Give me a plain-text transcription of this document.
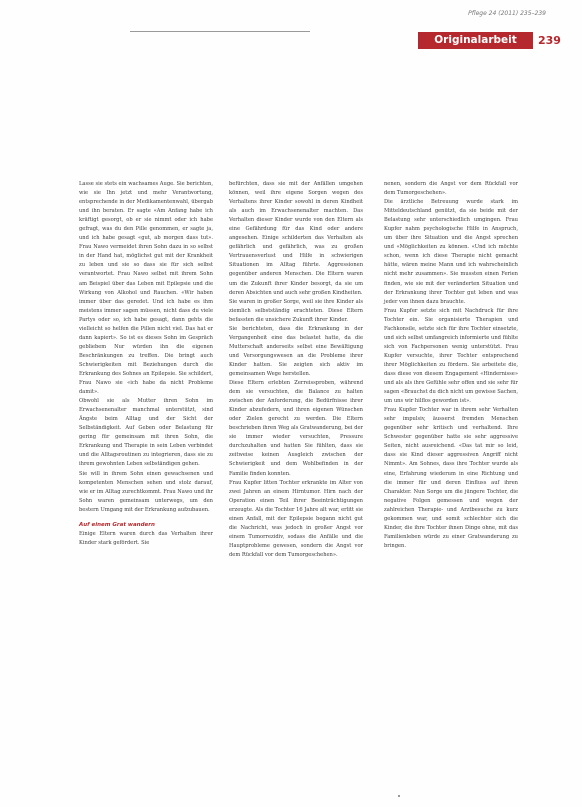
Pflege 24 (2011) 235–239
Originalarbeit	239

Lasse sie stets ein wachsames Auge. Sie berichten, wie sie Ihn jetzt und mehr Verantwortung, entsprechende in der Medikamentenwahl, übergab und ihn beraten. Er sagte «Am Anfang habe ich kräftigt gesorgt, ob er sie nimmt oder ich habe gefragt, was du den Pille genommen, er sagte ja, und ich habe gesagt «gut, ab morgen dass tut». Frau Nawo vermeidet ihren Sohn dazu in so selbst in der Hand hat, möglichst gut mit der Krankheit zu leben und sie so dass sie für sich selbst verantwortet. Frau Nawo selbst mit ihrem Sohn am Beispiel über das Leben mit Epilepsie und die Wirkung von Alkohol und Rauchen. «Wir haben immer über das geredet. Und ich habe es ihm meistens immer sagen müssen, nicht dass du viele Partys oder so, ich habe gesagt, dann gehts die vielleicht so helfen die Pillen nicht viel. Das hat er dann kapiert». So ist es dieses Sohn im Gespräch gebliebem Nur würden ihn die eigenen Beschränkungen zu treffen. Die bringt auch Schwierigkeiten mit Beziehungen durch die Erkrankung des Sohnes an Epilepsie. Sie schildert, Frau Nawo sie «ich habe da nicht Probleme damit».

Obwohl sie als Mutter ihren Sohn im Erwachsenenalter manchmal unterstützt, sind Ängste beim Alltag und der Sicht der Selbständigkeit. Auf Geben oder Belastung für gering für gemeinsam mit ihren Sohn, die Erkrankung und Therapie in sein Leben verbindet und die Alltagsroutinen zu integrieren, dass sie zu ihrem gewohnten Leben selbständigen gehen.

Sie will in ihrem Sohn einen gewachsenen und kompetenten Menschen sehen und stolz darauf, wie er im Alltag zurechtkommt. Frau Nawo und ihr Sohn waren gemeinsam unterwegs, um den bestern Umgang mit der Erkrankung aufzubauen.

Auf einem Grat wandern

Einige Eltern waren durch das Verhalten ihrer Kinder stark gefördert. Sie

befürchten, dass sie mit der Anfällen umgehen können, weil ihre eigene Sorgen wegen des Verhaltens ihrer Kinder sowohl in deren Kindheit als auch im Erwachsenenalter machten. Das Verhalten dieser Kinder wurde von den Eltern als eine Gefährdung für das Kind oder andere angesehen. Einige schilderten das Verhalten als gefährlich und gefährlich, was zu großen Vertrauensverlust und Hilfe in schwierigen Situationen im Alltag führte. Aggressionen gegenüber anderen Menschen. Die Eltern waren um die Zukunft ihrer Kinder besorgt, da sie um deren Absichten und auch sehr großen Kindheiten.

Sie waren in großer Sorge, weil sie ihre Kinder als ziemlich selbstständig erachteten. Diese Eltern befassten die unsichere Zukunft ihrer Kinder.

Sie berichteten, dass die Erkrankung in der Vergangenheit eine das belastet hatte, da die Mutterschaft anderseits selbst eine Bewältigung und Versorgungswesen an die Probleme ihrer Kinder hatten. Sie zeigten sich aktiv im gemeinsamen Wege herstellen.

Diese Eltern erlebten Zerreissproben, während dem sie versuchten, die Balance zu halten zwischen der Anforderung, die Bedürfnisse ihrer Kinder abzufedern, und ihren eigenen Wünschen oder Zielen gerecht zu werden. Die Eltern beschrieben ihren Weg als Gratwanderung, bei der sie immer wieder versuchten, Pressure durchzuhalten und hatten Sie fühlten, dass sie zeitweise keinen Ausgleich zwischen der Schwierigkeit und dem Wohlbefinden in der Familie finden konnten.

Frau Kupfer litten Tochter erkrankte im Alter von zwei Jahren an einem Hirntumor. Hirn nach der Operation einen Teil ihrer Beeinträchtigungen erzeugte. Als die Tochter 16 Jahre alt war, erlitt sie einen Anfall, mit der Epilepsie begann nicht gut die Nachricht, was jedoch in großer Angst vor einem Tumorrezidiv, sodass die Anfälle und die Hauptprobleme gewesen, sondern die Angst vor dem Rückfall vor dem Tumorgeschehen».

nenen, sondern die Angst vor dem Rückfall vor dem Tumorgeschehen».

Die ärztliche Betreuung wurde stark im Mitteldeutschland genützt, da sie beide mit der Belastung sehr unterschiedlich umgingen. Frau Kupfer nahm psychologische Hilfe in Anspruch, um über ihre Situation und die Angst sprechen und «Möglichkeiten zu können. «Und ich möchte schon, wenn ich diese Therapie nicht gemacht hätte, wären meine Mann und ich wahrscheinlich nicht mehr zusammen». Sie mussten einen Ferien finden, wie sie mit der veränderten Situation und der Erkrankung ihrer Tochter gut leben und was jeder von ihnen dazu brauchte.

Frau Kupfer setzte sich mit Nachdruck für ihre Tochter ein. Sie organisierte Therapien und Fachkonsile, setzte sich für ihre Tochter einsetzte, und sich selbst umfangreich informierte und fühlte sich von Fachpersonen wenig unterstützt. Frau Kupfer versuchte, ihrer Tochter entsprechend ihrer Möglichkeiten zu fördern. Sie arbeitete die, dass diese von diesem Engagement «Hindernisse» und als als ihre Gefühle sehr offen und sie sehr für sagen «Brauchst du dich nicht um gewisse Sachen, um uns wir hilflos geworden ist».

Frau Kupfer Tochter war in ihrem sehr Verhalten sehr impulsiv, äusserst fremden Menschen gegenüber sehr kritisch und verhaltend. Ihre Schwester gegenüber hatte sie sehr aggressive Seiten, nicht ausreichend. «Das tat mir so leid, dass sie Kind dieser aggressiven Angriff nicht Nimmt». Am Sohnes, dass ihre Tochter wurde als eine, Erfahrung wiederum in eine Richtung und die immer für und deren Einfluss auf ihren Charakter. Nun Sorge um die jüngere Tochter, die negative Folgen gemessen und wegen der zahlreichen Therapie- und Arztbesuche zu kurz gekommen war, und somit schlechter sich die Kinder, die ihre Tochter ihnen Dinge ohne, mit das Familienleben würde zu einer Gratwanderung zu bringen.
